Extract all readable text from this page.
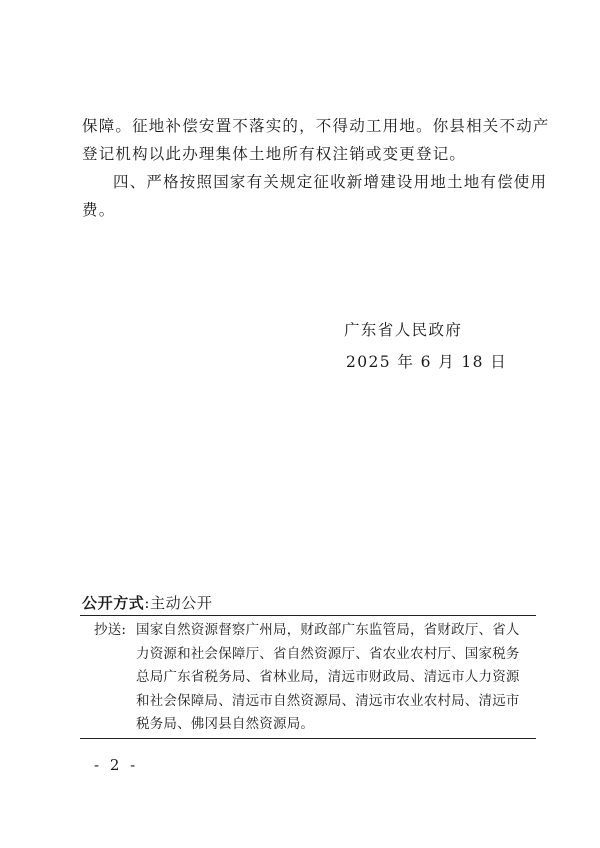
保障。征地补偿安置不落实的，不得动工用地。你县相关不动产
登记机构以此办理集体土地所有权注销或变更登记。
四、严格按照国家有关规定征收新增建设用地土地有偿使用
费。
广东省人民政府
2025 年 6 月 18 日
公开方式:主动公开
抄送: 国家自然资源督察广州局，财政部广东监管局，省财政厅、省人
力资源和社会保障厅、省自然资源厅、省农业农村厅、国家税务
总局广东省税务局、省林业局，清远市财政局、清远市人力资源
和社会保障局、清远市自然资源局、清远市农业农村局、清远市
税务局、佛冈县自然资源局。
- 2 -
